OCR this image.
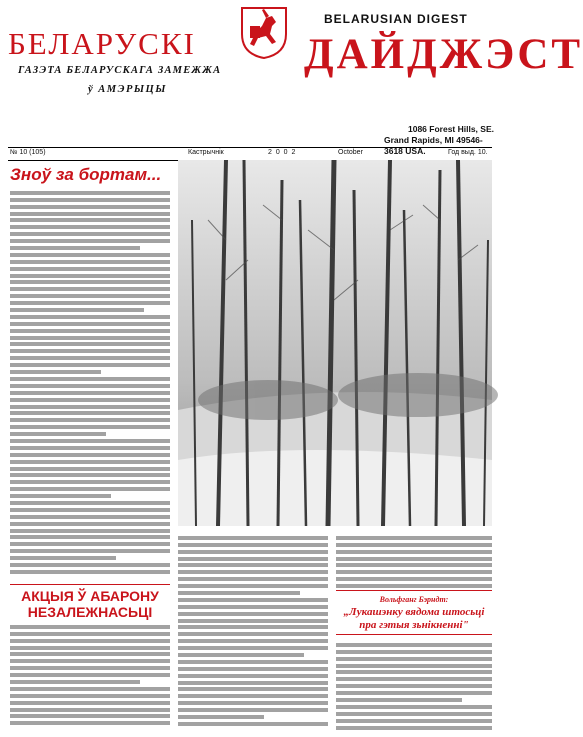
БЕЛАРУСКІ
BELARUSIAN DIGEST
ДАЙДЖЭСТ
ГАЗЭТА БЕЛАРУСКАГА ЗАМЕЖЖА
ў АМЭРЫЦЫ
1086 Forest Hills, SE.
Grand Rapids, MI 49546-3618 USA.
№ 10 (105)	Кастрычнік	2 0 0 2	October	Год выд. 10.
Зноў за бортам...
Вольфганг Бэрндт:
„Лукашэнку вядома штосьці пра гэтыя зьнікненні"
АКЦЫЯ Ў АБАРОНУ НЕЗАЛЕЖНАСЬЦІ
